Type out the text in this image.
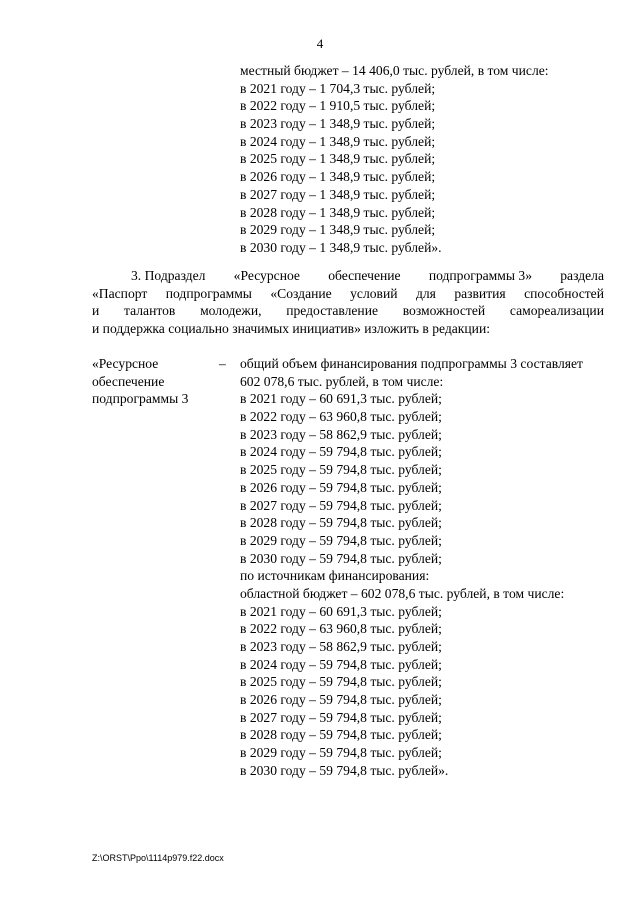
4
местный бюджет – 14 406,0 тыс. рублей, в том числе:
в 2021 году – 1 704,3 тыс. рублей;
в 2022 году – 1 910,5 тыс. рублей;
в 2023 году – 1 348,9 тыс. рублей;
в 2024 году – 1 348,9 тыс. рублей;
в 2025 году – 1 348,9 тыс. рублей;
в 2026 году – 1 348,9 тыс. рублей;
в 2027 году – 1 348,9 тыс. рублей;
в 2028 году – 1 348,9 тыс. рублей;
в 2029 году – 1 348,9 тыс. рублей;
в 2030 году – 1 348,9 тыс. рублей».
3. Подраздел «Ресурсное обеспечение подпрограммы 3» раздела
«Паспорт подпрограммы «Создание условий для развития способностей
и талантов молодежи, предоставление возможностей самореализации
и поддержка социально значимых инициатив» изложить в редакции:
«Ресурсное
обеспечение
подпрограммы 3
– общий объем финансирования подпрограммы 3 составляет
602 078,6 тыс. рублей, в том числе:
в 2021 году – 60 691,3 тыс. рублей;
в 2022 году – 63 960,8 тыс. рублей;
в 2023 году – 58 862,9 тыс. рублей;
в 2024 году – 59 794,8 тыс. рублей;
в 2025 году – 59 794,8 тыс. рублей;
в 2026 году – 59 794,8 тыс. рублей;
в 2027 году – 59 794,8 тыс. рублей;
в 2028 году – 59 794,8 тыс. рублей;
в 2029 году – 59 794,8 тыс. рублей;
в 2030 году – 59 794,8 тыс. рублей;
по источникам финансирования:
областной бюджет – 602 078,6 тыс. рублей, в том числе:
в 2021 году – 60 691,3 тыс. рублей;
в 2022 году – 63 960,8 тыс. рублей;
в 2023 году – 58 862,9 тыс. рублей;
в 2024 году – 59 794,8 тыс. рублей;
в 2025 году – 59 794,8 тыс. рублей;
в 2026 году – 59 794,8 тыс. рублей;
в 2027 году – 59 794,8 тыс. рублей;
в 2028 году – 59 794,8 тыс. рублей;
в 2029 году – 59 794,8 тыс. рублей;
в 2030 году – 59 794,8 тыс. рублей».
Z:\ORST\Ppo\1114p979.f22.docx
